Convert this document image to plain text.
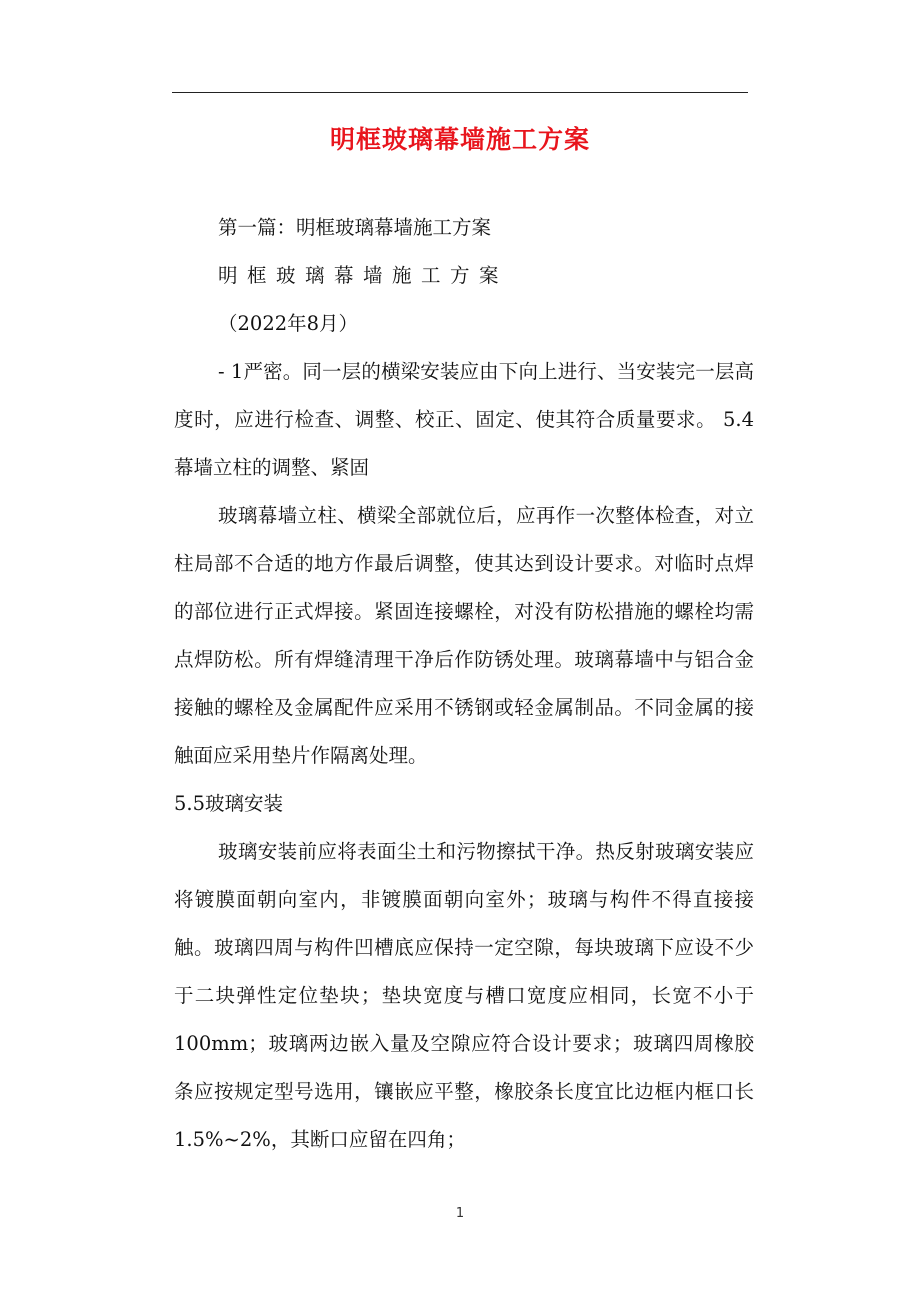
明框玻璃幕墙施工方案

第一篇：明框玻璃幕墙施工方案

明框玻璃幕墙施工方案

（2022年8月）

- 1严密。同一层的横梁安装应由下向上进行、当安装完一层高度时，应进行检查、调整、校正、固定、使其符合质量要求。 5.4幕墙立柱的调整、紧固

玻璃幕墙立柱、横梁全部就位后，应再作一次整体检查，对立柱局部不合适的地方作最后调整，使其达到设计要求。对临时点焊的部位进行正式焊接。紧固连接螺栓，对没有防松措施的螺栓均需点焊防松。所有焊缝清理干净后作防锈处理。玻璃幕墙中与铝合金接触的螺栓及金属配件应采用不锈钢或轻金属制品。不同金属的接触面应采用垫片作隔离处理。

5.5玻璃安装

玻璃安装前应将表面尘土和污物擦拭干净。热反射玻璃安装应将镀膜面朝向室内，非镀膜面朝向室外；玻璃与构件不得直接接触。玻璃四周与构件凹槽底应保持一定空隙，每块玻璃下应设不少于二块弹性定位垫块；垫块宽度与槽口宽度应相同，长宽不小于100mm；玻璃两边嵌入量及空隙应符合设计要求；玻璃四周橡胶条应按规定型号选用，镶嵌应平整，橡胶条长度宜比边框内框口长1.5%~2%，其断口应留在四角；

1
